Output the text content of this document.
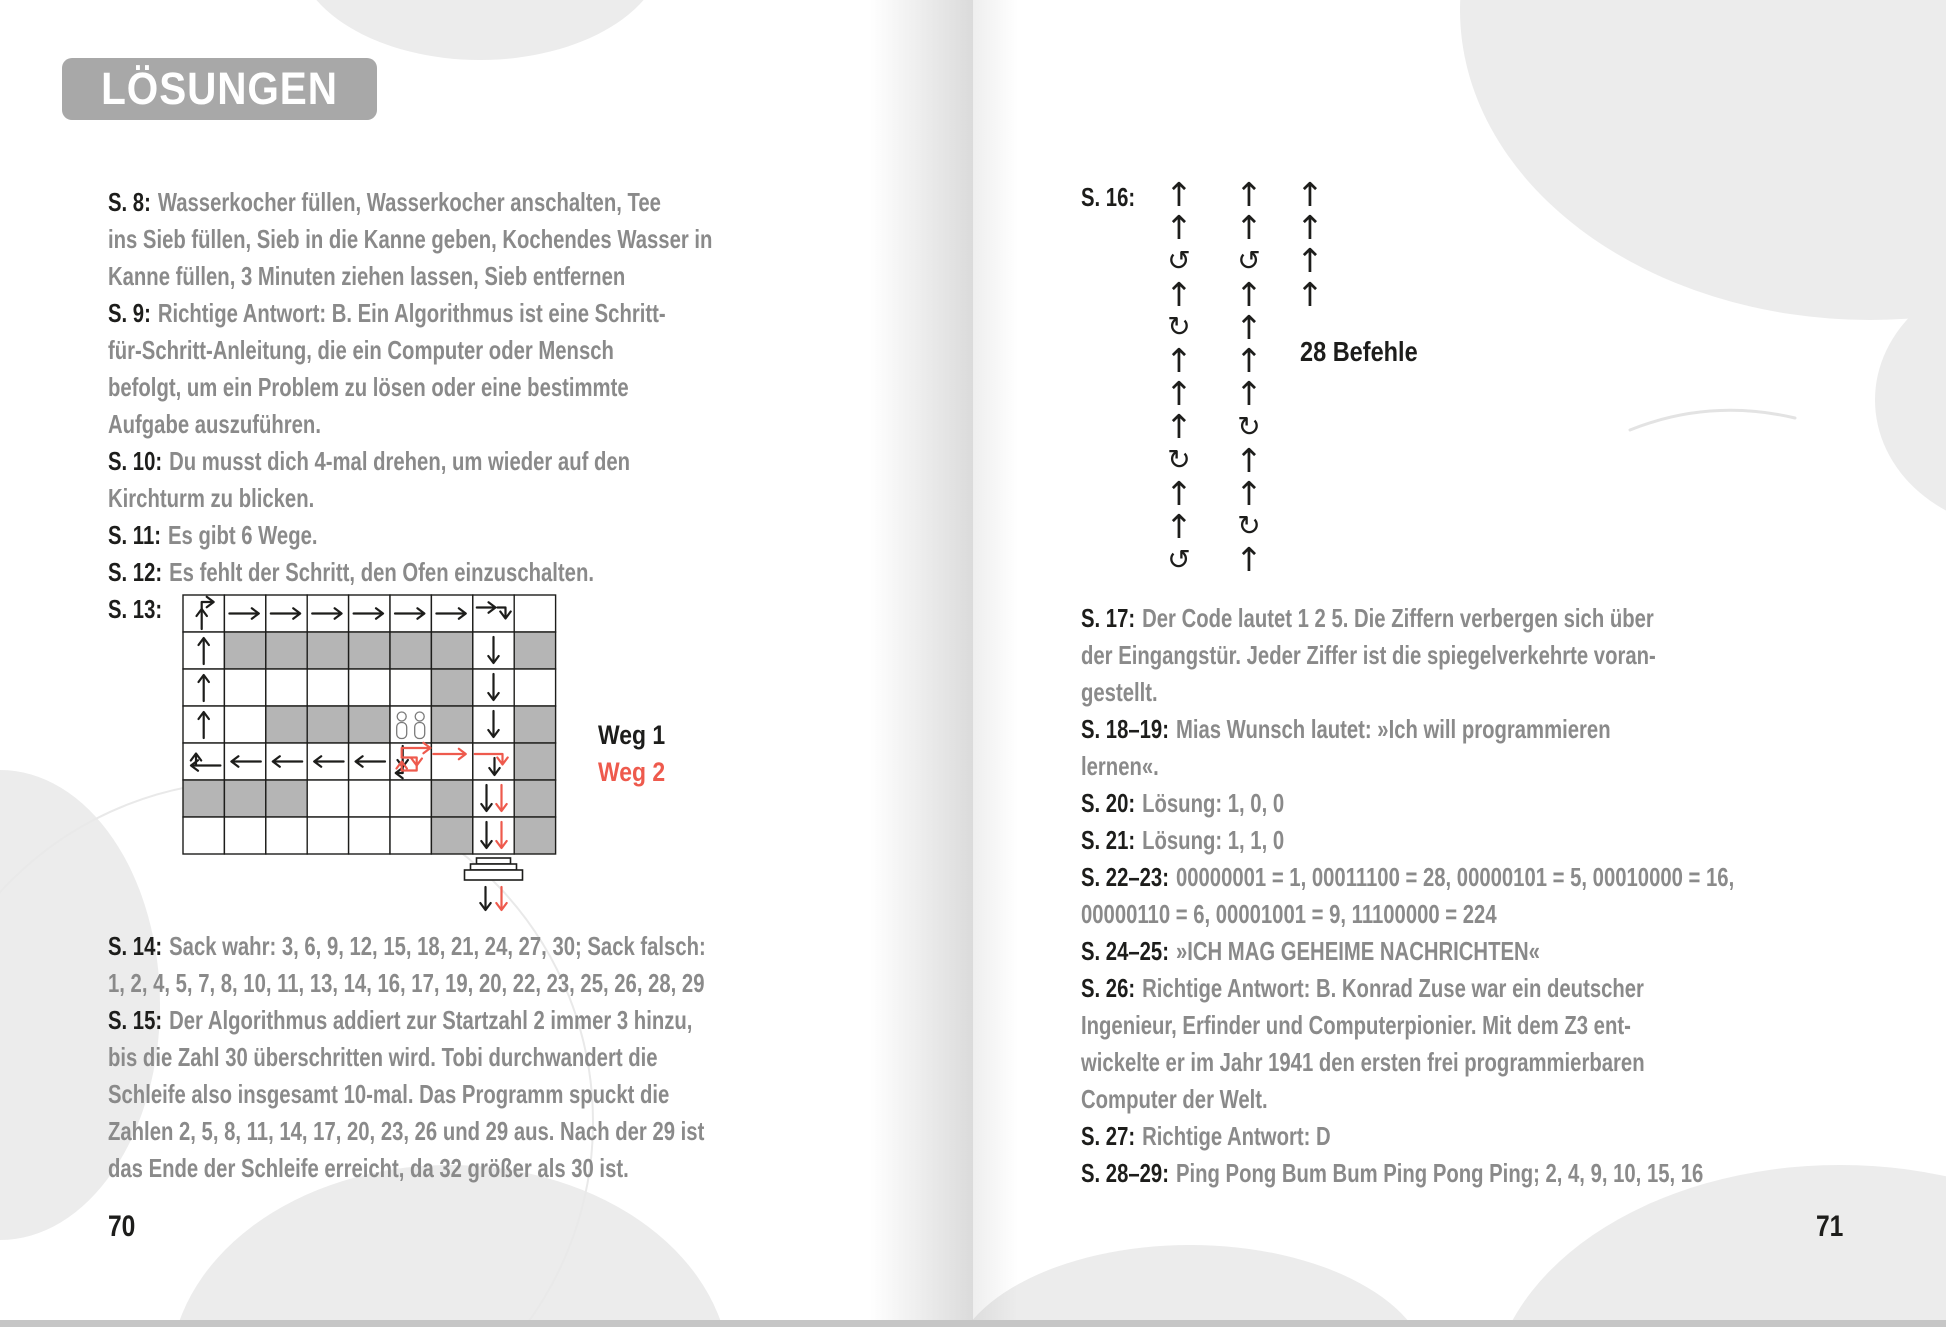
LÖSUNGEN
S. 8: Wasserkocher füllen, Wasserkocher anschalten, Tee
ins Sieb füllen, Sieb in die Kanne geben, Kochendes Wasser in
Kanne füllen, 3 Minuten ziehen lassen, Sieb entfernen
S. 9: Richtige Antwort: B. Ein Algorithmus ist eine Schritt-
für-Schritt-Anleitung, die ein Computer oder Mensch
befolgt, um ein Problem zu lösen oder eine bestimmte
Aufgabe auszuführen.
S. 10: Du musst dich 4-mal drehen, um wieder auf den
Kirchturm zu blicken.
S. 11: Es gibt 6 Wege.
S. 12: Es fehlt der Schritt, den Ofen einzuschalten.
S. 13:
Weg 1
Weg 2
S. 14: Sack wahr: 3, 6, 9, 12, 15, 18, 21, 24, 27, 30; Sack falsch:
1, 2, 4, 5, 7, 8, 10, 11, 13, 14, 16, 17, 19, 20, 22, 23, 25, 26, 28, 29
S. 15: Der Algorithmus addiert zur Startzahl 2 immer 3 hinzu,
bis die Zahl 30 überschritten wird. Tobi durchwandert die
Schleife also insgesamt 10-mal. Das Programm spuckt die
Zahlen 2, 5, 8, 11, 14, 17, 20, 23, 26 und 29 aus. Nach der 29 ist
das Ende der Schleife erreicht, da 32 größer als 30 ist.
70
S. 16: ↑
↑
↺
↑
↻
↑
↑
↑
↻
↑
↑
↺
↑
↑
↺
↑
↑
↑
↑
↻
↑
↑
↻
↑
↑
↑
↑
↑
28 Befehle
S. 17: Der Code lautet 1 2 5. Die Ziffern verbergen sich über
der Eingangstür. Jeder Ziffer ist die spiegelverkehrte voran-
gestellt.
S. 18–19: Mias Wunsch lautet: »Ich will programmieren
lernen«.
S. 20: Lösung: 1, 0, 0
S. 21: Lösung: 1, 1, 0
S. 22–23: 00000001 = 1, 00011100 = 28, 00000101 = 5, 00010000 = 16,
00000110 = 6, 00001001 = 9, 11100000 = 224
S. 24–25: »ICH MAG GEHEIME NACHRICHTEN«
S. 26: Richtige Antwort: B. Konrad Zuse war ein deutscher
Ingenieur, Erfinder und Computerpionier. Mit dem Z3 ent-
wickelte er im Jahr 1941 den ersten frei programmierbaren
Computer der Welt.
S. 27: Richtige Antwort: D
S. 28–29: Ping Pong Bum Bum Ping Pong Ping; 2, 4, 9, 10, 15, 16
71
